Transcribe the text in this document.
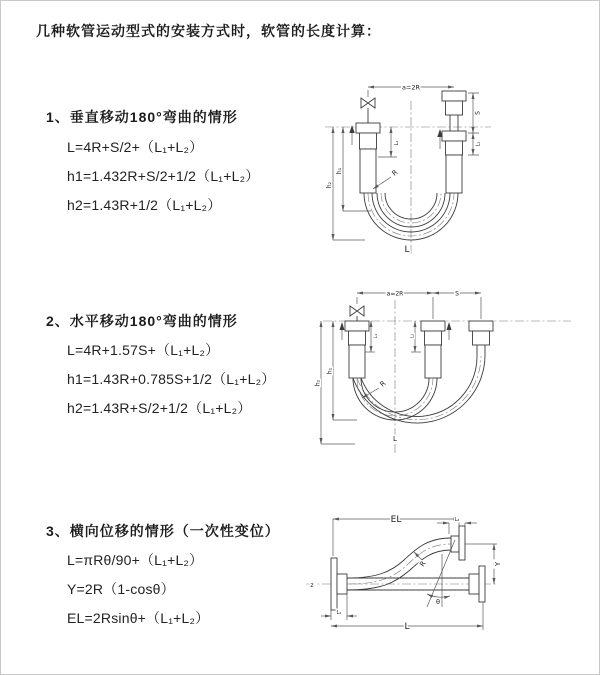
几种软管运动型式的安装方式时，软管的长度计算：
1、垂直移动180°弯曲的情形
L=4R+S/2+（L₁+L₂）
h1=1.432R+S/2+1/2（L₁+L₂）
h2=1.43R+1/2（L₁+L₂）
a=2R
h₂
h₁
L₁
S
L₂
R
L
2、水平移动180°弯曲的情形
L=4R+1.57S+（L₁+L₂）
h1=1.43R+0.785S+1/2（L₁+L₂）
h2=1.43R+S/2+1/2（L₁+L₂）
a=2R	S
h₂
h₁
L₁	L₂
R
L
3、横向位移的情形（一次性变位）
L=πRθ/90+（L₁+L₂）
Y=2R（1-cosθ）
EL=2Rsinθ+（L₁+L₂）
z
θ
R
EL	L₂
Y
L₁
L
